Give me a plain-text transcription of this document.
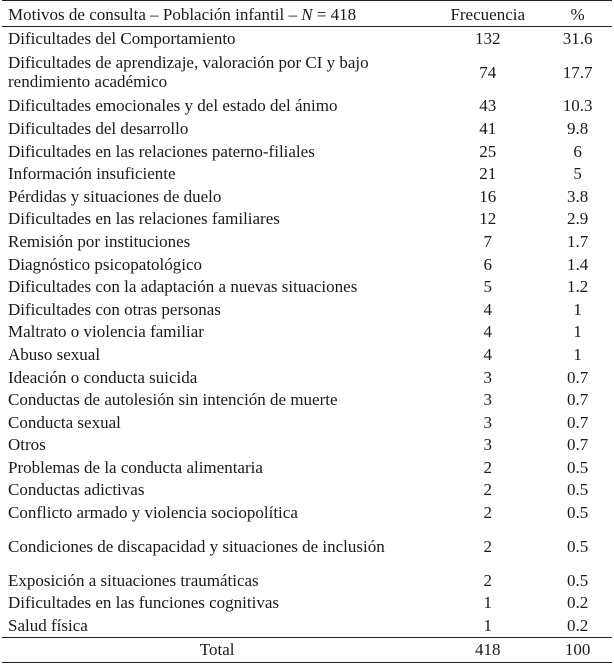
Motivos de consulta – Población infantil – N = 418	Frecuencia	%
Dificultades del Comportamiento	132	31.6
Dificultades de aprendizaje, valoración por CI y bajo rendimiento académico	74	17.7
Dificultades emocionales y del estado del ánimo	43	10.3
Dificultades del desarrollo	41	9.8
Dificultades en las relaciones paterno-filiales	25	6
Información insuficiente	21	5
Pérdidas y situaciones de duelo	16	3.8
Dificultades en las relaciones familiares	12	2.9
Remisión por instituciones	7	1.7
Diagnóstico psicopatológico	6	1.4
Dificultades con la adaptación a nuevas situaciones	5	1.2
Dificultades con otras personas	4	1
Maltrato o violencia familiar	4	1
Abuso sexual	4	1
Ideación o conducta suicida	3	0.7
Conductas de autolesión sin intención de muerte	3	0.7
Conducta sexual	3	0.7
Otros	3	0.7
Problemas de la conducta alimentaria	2	0.5
Conductas adictivas	2	0.5
Conflicto armado y violencia sociopolítica	2	0.5
Condiciones de discapacidad y situaciones de inclusión	2	0.5
Exposición a situaciones traumáticas	2	0.5
Dificultades en las funciones cognitivas	1	0.2
Salud física	1	0.2
Total	418	100
